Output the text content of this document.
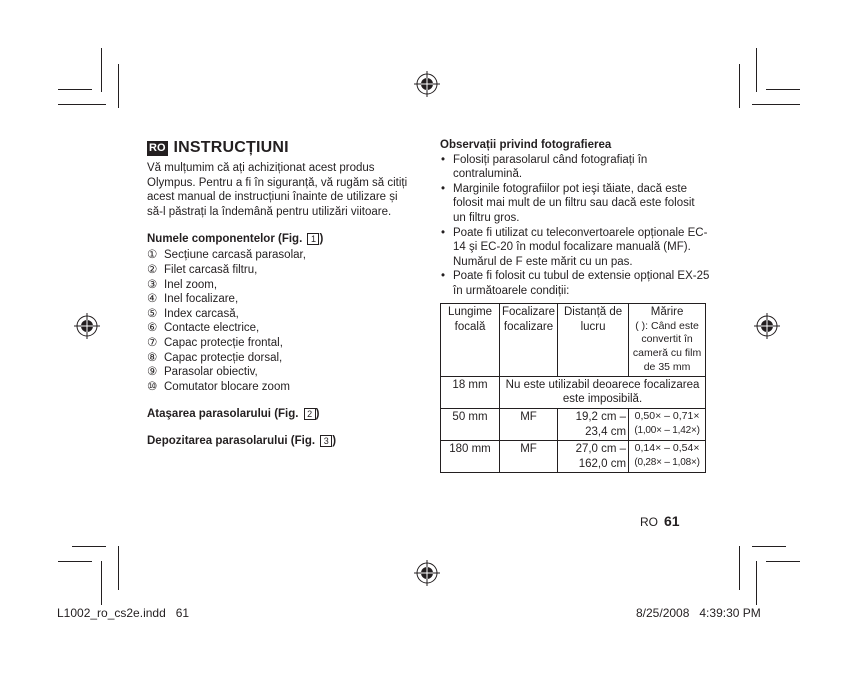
RO INSTRUCȚIUNI

Vă mulțumim că ați achiziționat acest produs Olympus. Pentru a fi în siguranță, vă rugăm să citiți acest manual de instrucțiuni înainte de utilizare și să-l păstrați la îndemână pentru utilizări viitoare.

Numele componentelor (Fig. 1 )
① Secțiune carcasă parasolar,
② Filet carcasă filtru,
③ Inel zoom,
④ Inel focalizare,
⑤ Index carcasă,
⑥ Contacte electrice,
⑦ Capac protecție frontal,
⑧ Capac protecție dorsal,
⑨ Parasolar obiectiv,
⑩ Comutator blocare zoom
Ataşarea parasolarului (Fig. 2 )
Depozitarea parasolarului (Fig. 3 )
Observații privind fotografierea
• Folosiți parasolarul când fotografiați în contralumină.
• Marginile fotografiilor pot ieşi tăiate, dacă este folosit mai mult de un filtru sau dacă este folosit un filtru gros.
• Poate fi utilizat cu teleconvertoarele opționale EC-14 şi EC-20 în modul focalizare manuală (MF). Numărul de F este mărit cu un pas.
• Poate fi folosit cu tubul de extensie opțional EX-25 în următoarele condiții:
Lungime focală	Focalizare focalizare	Distanță de lucru	Mărire
( ): Când este convertit în cameră cu film de 35 mm

18 mm	Nu este utilizabil deoarece focalizarea este imposibilă.		
50 mm	MF	19,2 cm – 23,4 cm	0,50× – 0,71×
(1,00× – 1,42×)

180 mm	MF	27,0 cm – 162,0 cm	0,14× – 0,54×
(0,28× – 1,08×)
RO 61
L1002_ro_cs2e.indd   61	8/25/2008   4:39:30 PM
